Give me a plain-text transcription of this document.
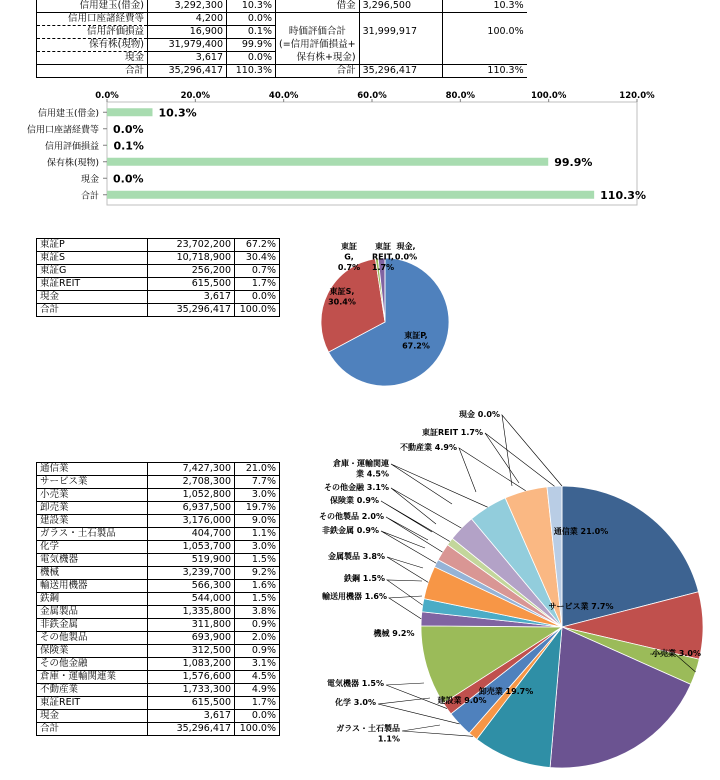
信用建玉(借金)	3,292,300	10.3%	借金	3,296,500	10.3%
信用口座諸経費等	4,200	0.0%			
信用評価損益	16,900	0.1%	時価評価合計	31,999,917	100.0%
保有株(現物)	31,979,400	99.9%	(=信用評価損益+		
現金	3,617	0.0%	保有株+現金)		
合計	35,296,417	110.3%	合計	35,296,417	110.3%
0.0%	20.0%	40.0%	60.0%	80.0%	100.0%	120.0%
信用建玉(借金)	10.3%
信用口座諸経費等 0.0%
信用評価損益 0.1%
保有株(現物)	99.9%
現金 0.0%
合計	110.3%
東証P	23,702,200	67.2%
東証S	10,718,900	30.4%
東証G	256,200	0.7%
東証REIT	615,500	1.7%
現金	3,617	0.0%
合計	35,296,417	100.0%
東証P,
67.2%
東証S,
30.4%
東証
G,
0.7%
東証
REIT,
1.7%
現金,
0.0%
通信業	7,427,300	21.0%
サービス業	2,708,300	7.7%
小売業	1,052,800	3.0%
卸売業	6,937,500	19.7%
建設業	3,176,000	9.0%
ガラス・土石製品	404,700	1.1%
化学	1,053,700	3.0%
電気機器	519,900	1.5%
機械	3,239,700	9.2%
輸送用機器	566,300	1.6%
鉄鋼	544,000	1.5%
金属製品	1,335,800	3.8%
非鉄金属	311,800	0.9%
その他製品	693,900	2.0%
保険業	312,500	0.9%
その他金融	1,083,200	3.1%
倉庫・運輸関連業	1,576,600	4.5%
不動産業	1,733,300	4.9%
東証REIT	615,500	1.7%
現金	3,617	0.0%
合計	35,296,417	100.0%
通信業 21.0%
サービス業 7.7%
小売業 3.0%
卸売業 19.7%
建設業 9.0%
ガラス・土石製品
1.1%
化学 3.0%
電気機器 1.5%
機械 9.2%
輸送用機器 1.6%
鉄鋼 1.5%
金属製品 3.8%
非鉄金属 0.9%
その他製品 2.0%
保険業 0.9%
その他金融 3.1%
倉庫・運輸関連
業 4.5%
不動産業 4.9%
東証REIT 1.7%
現金 0.0%
